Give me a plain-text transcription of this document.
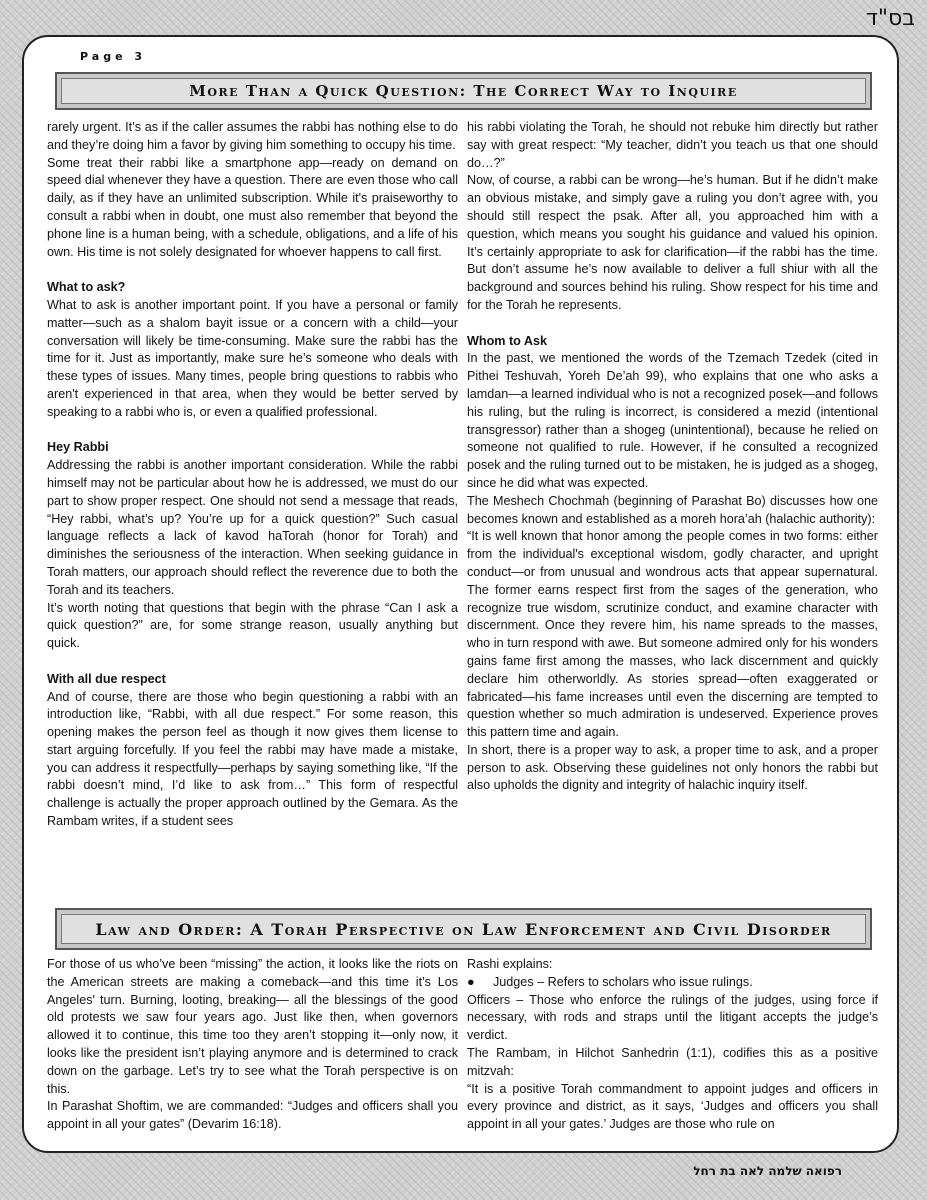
בס"ד
Page 3
More Than a Quick Question: The Correct Way to Inquire

rarely urgent. It’s as if the caller assumes the rabbi has nothing else to do and they’re doing him a favor by giving him something to occupy his time.

Some treat their rabbi like a smartphone app—ready on demand on speed dial whenever they have a question. There are even those who call daily, as if they have an unlimited subscription. While it's praiseworthy to consult a rabbi when in doubt, one must also remember that beyond the phone line is a human being, with a schedule, obligations, and a life of his own. His time is not solely designated for whoever happens to call first.

What to ask?

What to ask is another important point. If you have a personal or family matter—such as a shalom bayit issue or a concern with a child—your conversation will likely be time-consuming. Make sure the rabbi has the time for it. Just as importantly, make sure he’s someone who deals with these types of issues. Many times, people bring questions to rabbis who aren't experienced in that area, when they would be better served by speaking to a rabbi who is, or even a qualified professional.

Hey Rabbi

Addressing the rabbi is another important consideration. While the rabbi himself may not be particular about how he is addressed, we must do our part to show proper respect. One should not send a message that reads, “Hey rabbi, what’s up? You’re up for a quick question?” Such casual language reflects a lack of kavod haTorah (honor for Torah) and diminishes the seriousness of the interaction. When seeking guidance in Torah matters, our approach should reflect the reverence due to both the Torah and its teachers.

It’s worth noting that questions that begin with the phrase “Can I ask a quick question?” are, for some strange reason, usually anything but quick.

With all due respect

And of course, there are those who begin questioning a rabbi with an introduction like, “Rabbi, with all due respect.” For some reason, this opening makes the person feel as though it now gives them license to start arguing forcefully. If you feel the rabbi may have made a mistake, you can address it respectfully—perhaps by saying something like, “If the rabbi doesn’t mind, I’d like to ask from…” This form of respectful challenge is actually the proper approach outlined by the Gemara. As the Rambam writes, if a student sees

his rabbi violating the Torah, he should not rebuke him directly but rather say with great respect: “My teacher, didn’t you teach us that one should do…?”

Now, of course, a rabbi can be wrong—he’s human. But if he didn’t make an obvious mistake, and simply gave a ruling you don’t agree with, you should still respect the psak. After all, you approached him with a question, which means you sought his guidance and valued his opinion. It’s certainly appropriate to ask for clarification—if the rabbi has the time. But don’t assume he’s now available to deliver a full shiur with all the background and sources behind his ruling. Show respect for his time and for the Torah he represents.

Whom to Ask

In the past, we mentioned the words of the Tzemach Tzedek (cited in Pithei Teshuvah, Yoreh De’ah 99), who explains that one who asks a lamdan—a learned individual who is not a recognized posek—and follows his ruling, but the ruling is incorrect, is considered a mezid (intentional transgressor) rather than a shogeg (unintentional), because he relied on someone not qualified to rule. However, if he consulted a recognized posek and the ruling turned out to be mistaken, he is judged as a shogeg, since he did what was expected.

The Meshech Chochmah (beginning of Parashat Bo) discusses how one becomes known and established as a moreh hora’ah (halachic authority):

“It is well known that honor among the people comes in two forms: either from the individual's exceptional wisdom, godly character, and upright conduct—or from unusual and wondrous acts that appear supernatural. The former earns respect first from the sages of the generation, who recognize true wisdom, scrutinize conduct, and examine character with discernment. Once they revere him, his name spreads to the masses, who in turn respond with awe. But someone admired only for his wonders gains fame first among the masses, who lack discernment and quickly declare him otherworldly. As stories spread—often exaggerated or fabricated—his fame increases until even the discerning are tempted to question whether so much admiration is undeserved. Experience proves this pattern time and again.

In short, there is a proper way to ask, a proper time to ask, and a proper person to ask. Observing these guidelines not only honors the rabbi but also upholds the dignity and integrity of halachic inquiry itself.

Law and Order: A Torah Perspective on Law Enforcement and Civil Disorder

For those of us who’ve been “missing” the action, it looks like the riots on the American streets are making a comeback—and this time it’s Los Angeles' turn. Burning, looting, breaking— all the blessings of the good old protests we saw four years ago. Just like then, when governors allowed it to continue, this time too they aren’t stopping it—only now, it looks like the president isn’t playing anymore and is determined to crack down on the garbage. Let’s try to see what the Torah perspective is on this.

In Parashat Shoftim, we are commanded: “Judges and officers shall you appoint in all your gates” (Devarim 16:18).

Rashi explains:

● Judges – Refers to scholars who issue rulings.

Officers – Those who enforce the rulings of the judges, using force if necessary, with rods and straps until the litigant accepts the judge’s verdict.

The Rambam, in Hilchot Sanhedrin (1:1), codifies this as a positive mitzvah:

“It is a positive Torah commandment to appoint judges and officers in every province and district, as it says, ‘Judges and officers you shall appoint in all your gates.’ Judges are those who rule on

רפואה שלמה לאה בת רחל
